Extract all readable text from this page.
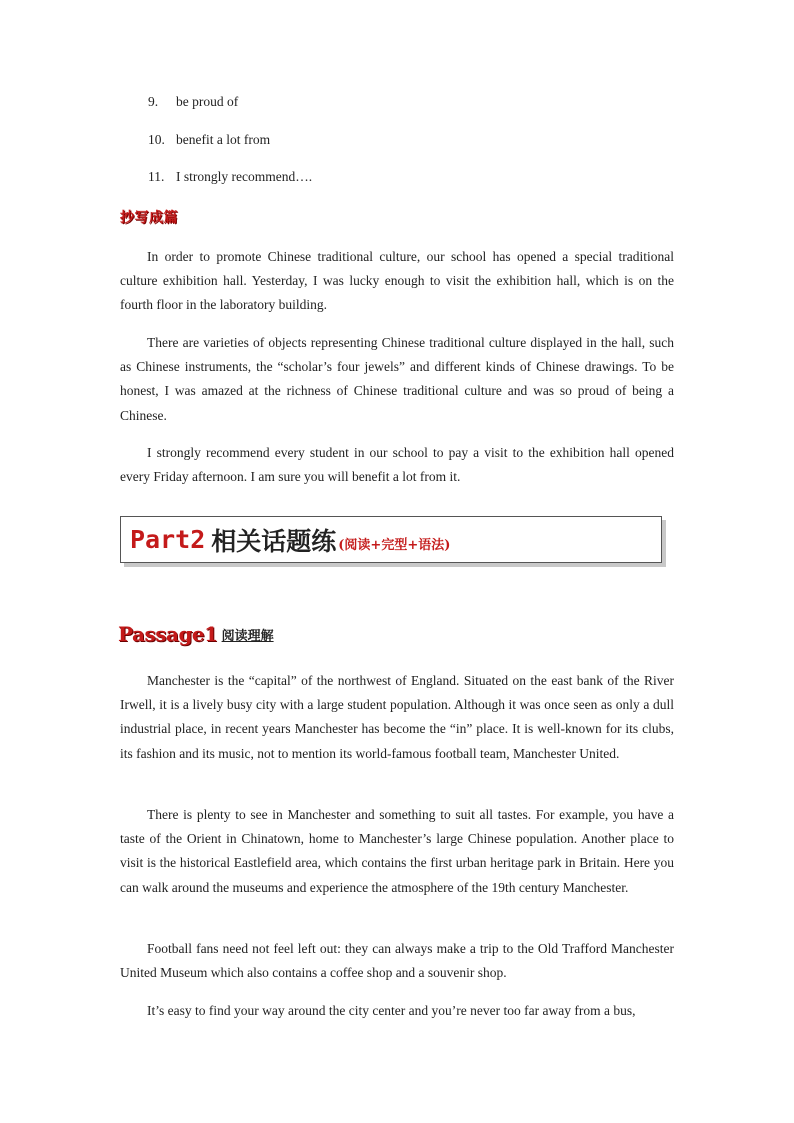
9.	be proud of
10. benefit a lot from
11. I strongly recommend….
抄写成篇

In order to promote Chinese traditional culture, our school has opened a special traditional culture exhibition hall. Yesterday, I was lucky enough to visit the exhibition hall, which is on the fourth floor in the laboratory building.

There are varieties of objects representing Chinese traditional culture displayed in the hall, such as Chinese instruments, the “scholar’s four jewels” and different kinds of Chinese drawings. To be honest, I was amazed at the richness of Chinese traditional culture and was so proud of being a Chinese.

I strongly recommend every student in our school to pay a visit to the exhibition hall opened every Friday afternoon. I am sure you will benefit a lot from it.

Part2 相关话题练 (阅读+完型+语法)
Passage1 阅读理解

Manchester is the “capital” of the northwest of England. Situated on the east bank of the River Irwell, it is a lively busy city with a large student population. Although it was once seen as only a dull industrial place, in recent years Manchester has become the “in” place. It is well-known for its clubs, its fashion and its music, not to mention its world-famous football team, Manchester United.

There is plenty to see in Manchester and something to suit all tastes. For example, you have a taste of the Orient in Chinatown, home to Manchester’s large Chinese population. Another place to visit is the historical Eastlefield area, which contains the first urban heritage park in Britain. Here you can walk around the museums and experience the atmosphere of the 19th century Manchester.

Football fans need not feel left out: they can always make a trip to the Old Trafford Manchester United Museum which also contains a coffee shop and a souvenir shop.

It’s easy to find your way around the city center and you’re never too far away from a bus,
